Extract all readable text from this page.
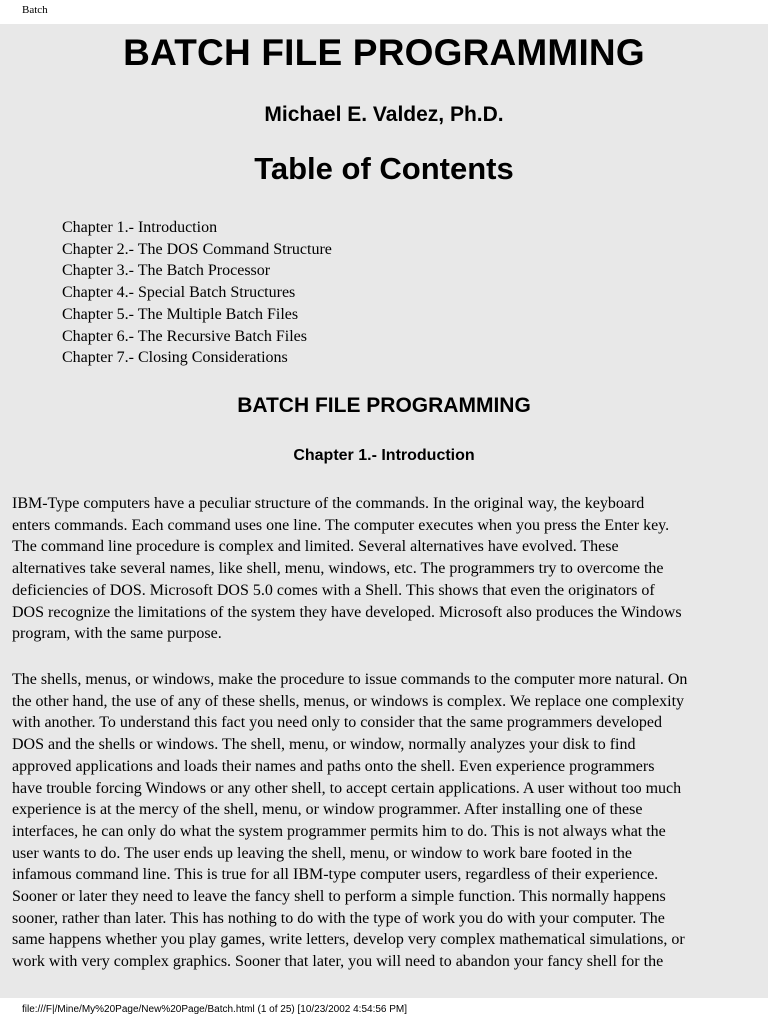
Batch
BATCH FILE PROGRAMMING
Michael E. Valdez, Ph.D.
Table of Contents
Chapter 1.- Introduction
Chapter 2.- The DOS Command Structure
Chapter 3.- The Batch Processor
Chapter 4.- Special Batch Structures
Chapter 5.- The Multiple Batch Files
Chapter 6.- The Recursive Batch Files
Chapter 7.- Closing Considerations
BATCH FILE PROGRAMMING
Chapter 1.- Introduction

IBM-Type computers have a peculiar structure of the commands. In the original way, the keyboard
enters commands. Each command uses one line. The computer executes when you press the Enter key.
The command line procedure is complex and limited. Several alternatives have evolved. These
alternatives take several names, like shell, menu, windows, etc. The programmers try to overcome the
deficiencies of DOS. Microsoft DOS 5.0 comes with a Shell. This shows that even the originators of
DOS recognize the limitations of the system they have developed. Microsoft also produces the Windows
program, with the same purpose.

The shells, menus, or windows, make the procedure to issue commands to the computer more natural. On
the other hand, the use of any of these shells, menus, or windows is complex. We replace one complexity
with another. To understand this fact you need only to consider that the same programmers developed
DOS and the shells or windows. The shell, menu, or window, normally analyzes your disk to find
approved applications and loads their names and paths onto the shell. Even experience programmers
have trouble forcing Windows or any other shell, to accept certain applications. A user without too much
experience is at the mercy of the shell, menu, or window programmer. After installing one of these
interfaces, he can only do what the system programmer permits him to do. This is not always what the
user wants to do. The user ends up leaving the shell, menu, or window to work bare footed in the
infamous command line. This is true for all IBM-type computer users, regardless of their experience.
Sooner or later they need to leave the fancy shell to perform a simple function. This normally happens
sooner, rather than later. This has nothing to do with the type of work you do with your computer. The
same happens whether you play games, write letters, develop very complex mathematical simulations, or
work with very complex graphics. Sooner that later, you will need to abandon your fancy shell for the

file:///F|/Mine/My%20Page/New%20Page/Batch.html (1 of 25) [10/23/2002 4:54:56 PM]
